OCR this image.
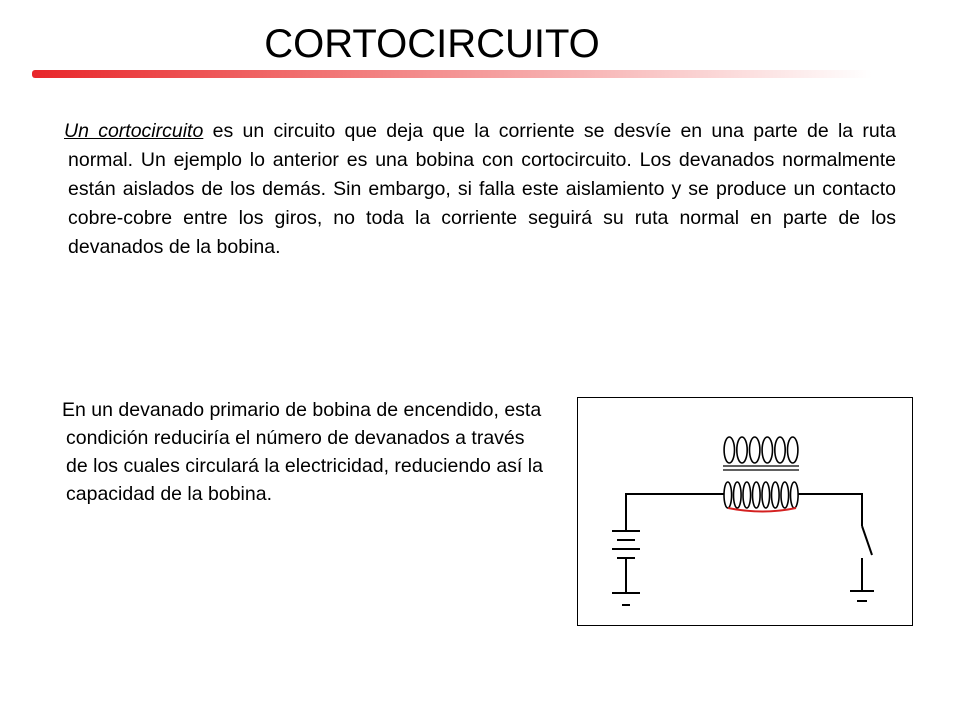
CORTOCIRCUITO

Un cortocircuito es un circuito que deja que la corriente se desvíe en una parte de la ruta normal. Un ejemplo lo anterior es una bobina con cortocircuito. Los devanados normalmente están aislados de los demás. Sin embargo, si falla este aislamiento y se produce un contacto cobre-cobre entre los giros, no toda la corriente seguirá su ruta normal en parte de los devanados de la bobina.

En un devanado primario de bobina de encendido, esta condición reduciría el número de devanados a través de los cuales circulará la electricidad, reduciendo así la capacidad de la bobina.
